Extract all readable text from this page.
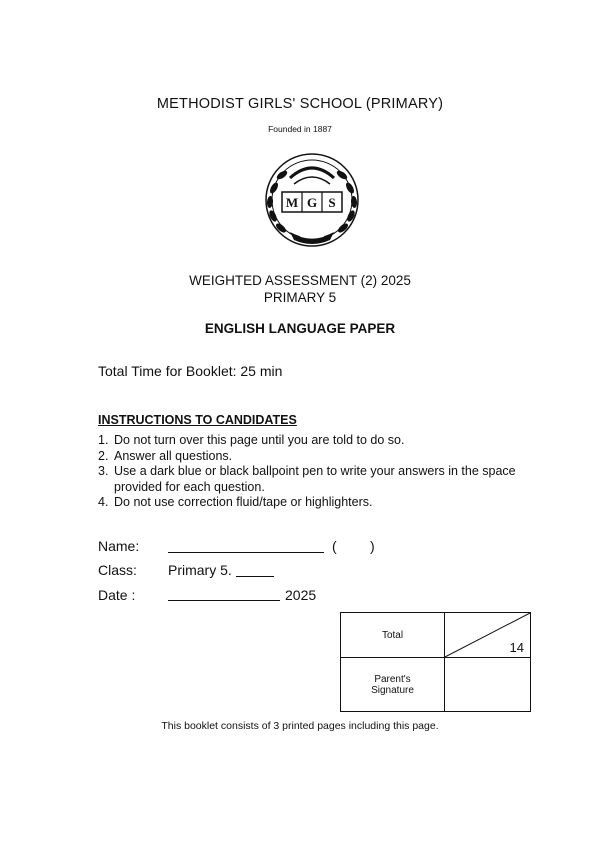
METHODIST GIRLS' SCHOOL (PRIMARY)
Founded in 1887
M G S
WEIGHTED ASSESSMENT (2) 2025
PRIMARY 5
ENGLISH LANGUAGE PAPER
Total Time for Booklet: 25 min
INSTRUCTIONS TO CANDIDATES
1. Do not turn over this page until you are told to do so.
2. Answer all questions.
3. Use a dark blue or black ballpoint pen to write your answers in the space provided for each question.
4. Do not use correction fluid/tape or highlighters.
Name:	( )
Class: Primary 5.
Date :	2025
Total	14

Parent's
Signature	

This booklet consists of 3 printed pages including this page.
